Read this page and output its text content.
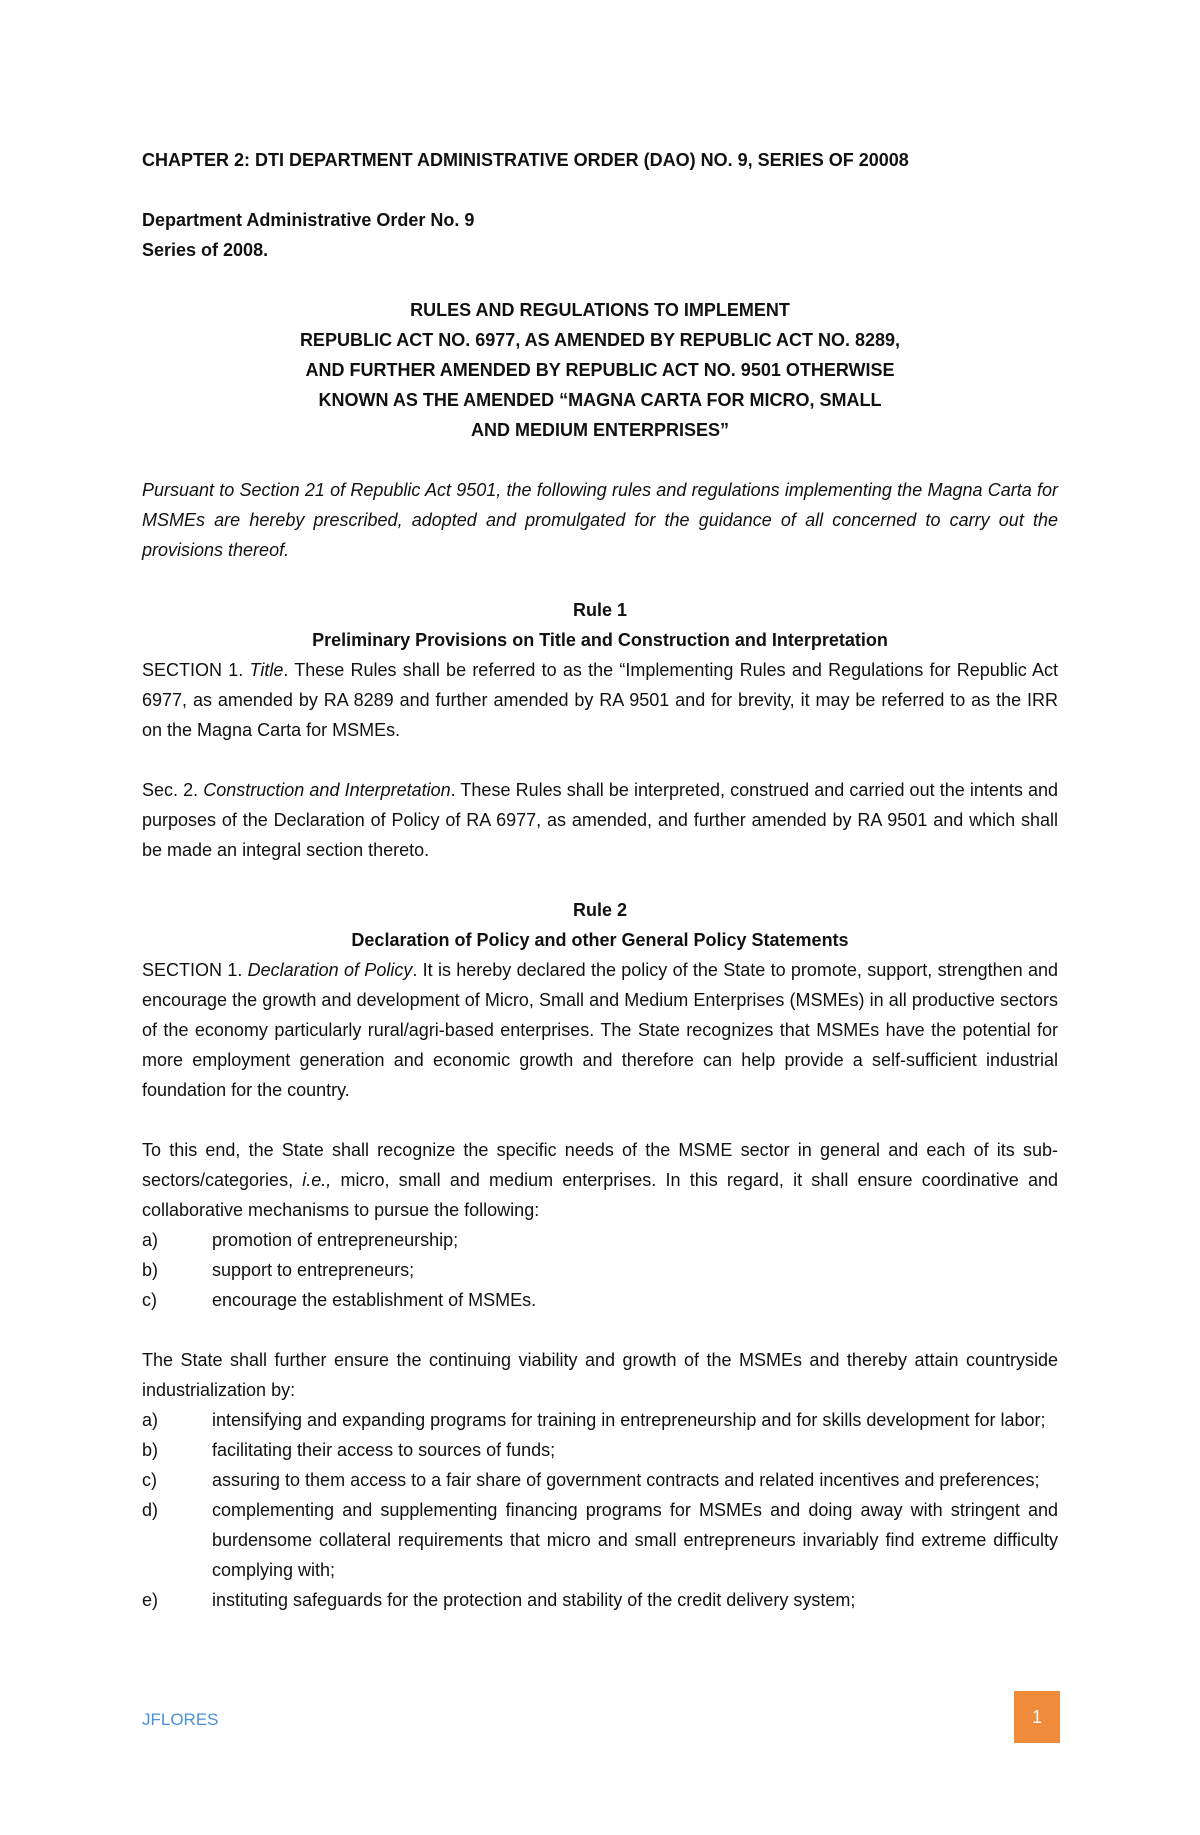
CHAPTER 2: DTI DEPARTMENT ADMINISTRATIVE ORDER (DAO) NO. 9, SERIES OF 20008

Department Administrative Order No. 9

Series of 2008.

RULES AND REGULATIONS TO IMPLEMENT

REPUBLIC ACT NO. 6977, AS AMENDED BY REPUBLIC ACT NO. 8289,

AND FURTHER AMENDED BY REPUBLIC ACT NO. 9501 OTHERWISE

KNOWN AS THE AMENDED “MAGNA CARTA FOR MICRO, SMALL

AND MEDIUM ENTERPRISES”

Pursuant to Section 21 of Republic Act 9501, the following rules and regulations implementing the Magna Carta for MSMEs are hereby prescribed, adopted and promulgated for the guidance of all concerned to carry out the provisions thereof.

Rule 1

Preliminary Provisions on Title and Construction and Interpretation

SECTION 1. Title. These Rules shall be referred to as the “Implementing Rules and Regulations for Republic Act 6977, as amended by RA 8289 and further amended by RA 9501 and for brevity, it may be referred to as the IRR on the Magna Carta for MSMEs.

Sec. 2. Construction and Interpretation. These Rules shall be interpreted, construed and carried out the intents and purposes of the Declaration of Policy of RA 6977, as amended, and further amended by RA 9501 and which shall be made an integral section thereto.

Rule 2

Declaration of Policy and other General Policy Statements

SECTION 1. Declaration of Policy. It is hereby declared the policy of the State to promote, support, strengthen and encourage the growth and development of Micro, Small and Medium Enterprises (MSMEs) in all productive sectors of the economy particularly rural/agri-based enterprises. The State recognizes that MSMEs have the potential for more employment generation and economic growth and therefore can help provide a self-sufficient industrial foundation for the country.

To this end, the State shall recognize the specific needs of the MSME sector in general and each of its sub-sectors/categories, i.e., micro, small and medium enterprises. In this regard, it shall ensure coordinative and collaborative mechanisms to pursue the following:

a)	promotion of entrepreneurship;
b)	support to entrepreneurs;
c)	encourage the establishment of MSMEs.

The State shall further ensure the continuing viability and growth of the MSMEs and thereby attain countryside industrialization by:

a)	intensifying and expanding programs for training in entrepreneurship and for skills development for labor;
b)	facilitating their access to sources of funds;
c)	assuring to them access to a fair share of government contracts and related incentives and preferences;
d)	complementing and supplementing financing programs for MSMEs and doing away with stringent and burdensome collateral requirements that micro and small entrepreneurs invariably find extreme difficulty complying with;
e)	instituting safeguards for the protection and stability of the credit delivery system;
JFLORES	1
